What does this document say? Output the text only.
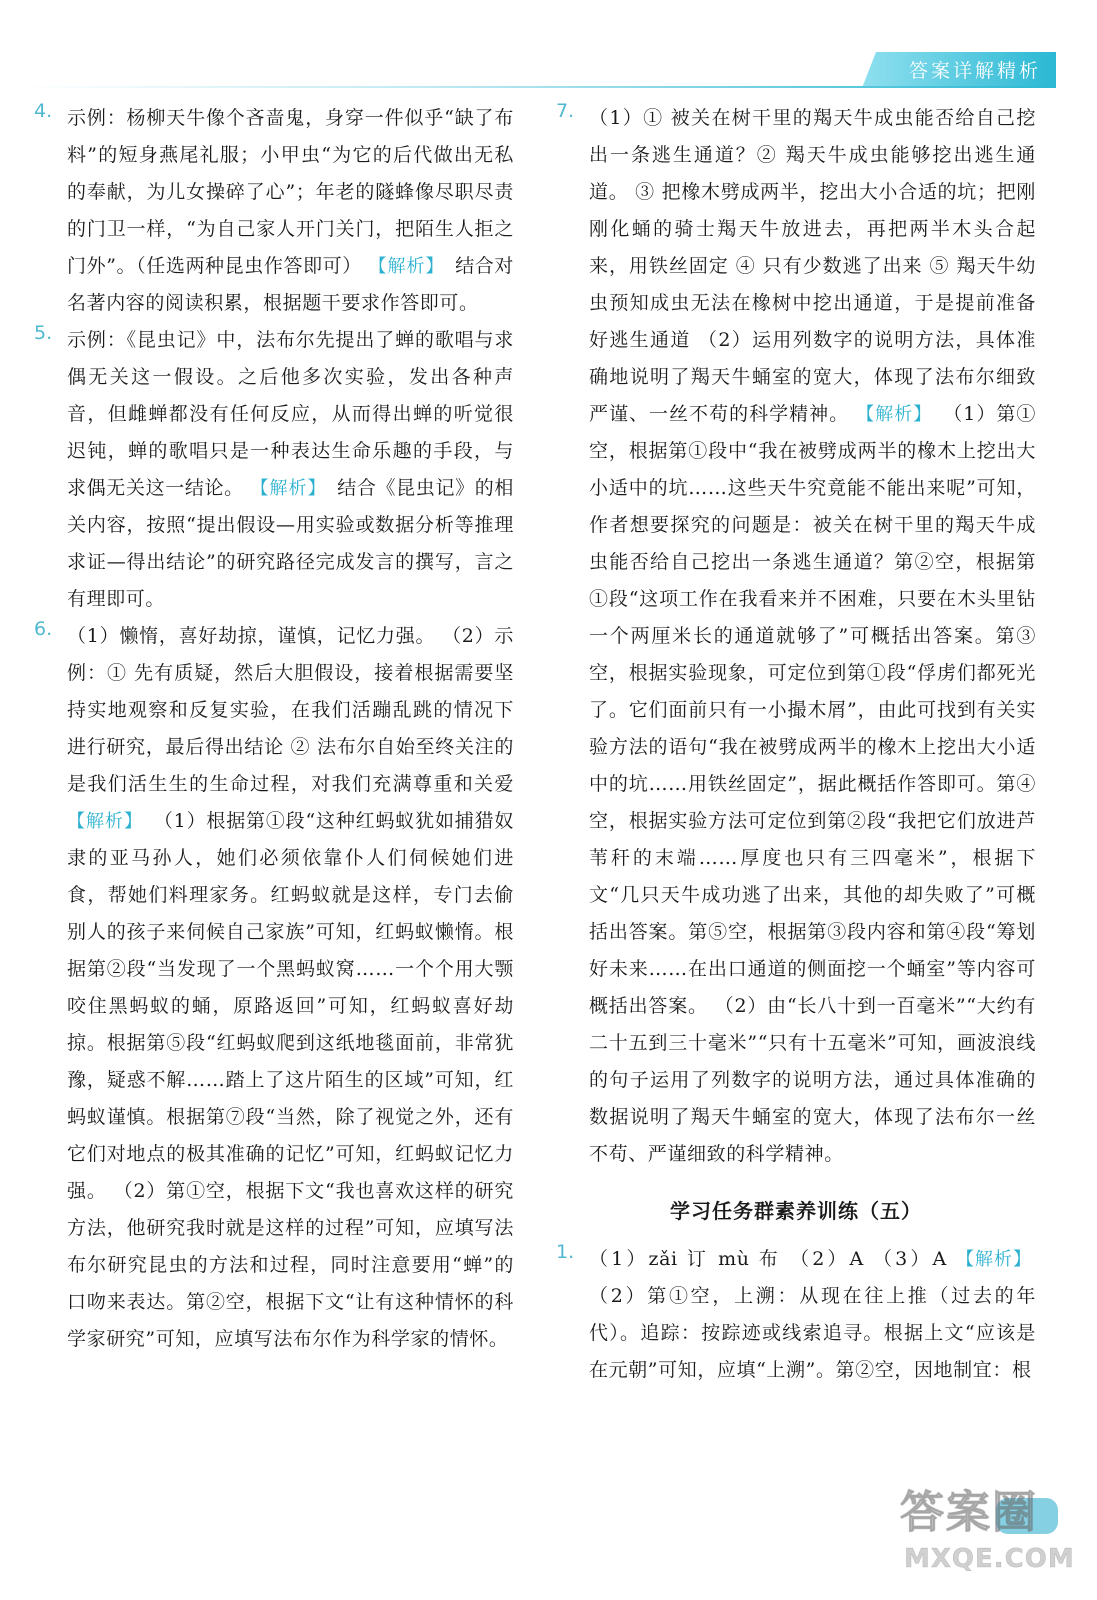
答案详解精析
4. 示例：杨柳天牛像个吝啬鬼，身穿一件似乎“缺了布料”的短身燕尾礼服；小甲虫“为它的后代做出无私的奉献，为儿女操碎了心”；年老的隧蜂像尽职尽责的门卫一样，“为自己家人开门关门，把陌生人拒之门外”。（任选两种昆虫作答即可） 【解析】 结合对名著内容的阅读积累，根据题干要求作答即可。

5. 示例：《昆虫记》中，法布尔先提出了蝉的歌唱与求偶无关这一假设。之后他多次实验，发出各种声音，但雌蝉都没有任何反应，从而得出蝉的听觉很迟钝，蝉的歌唱只是一种表达生命乐趣的手段，与求偶无关这一结论。 【解析】 结合《昆虫记》的相关内容，按照“提出假设—用实验或数据分析等推理求证—得出结论”的研究路径完成发言的撰写，言之有理即可。

6. （1）懒惰，喜好劫掠，谨慎，记忆力强。 （2）示例：① 先有质疑，然后大胆假设，接着根据需要坚持实地观察和反复实验，在我们活蹦乱跳的情况下进行研究，最后得出结论 ② 法布尔自始至终关注的是我们活生生的生命过程，对我们充满尊重和关爱 【解析】 （1）根据第①段“这种红蚂蚁犹如捕猎奴隶的亚马孙人，她们必须依靠仆人们伺候她们进食，帮她们料理家务。红蚂蚁就是这样，专门去偷别人的孩子来伺候自己家族”可知，红蚂蚁懒惰。根据第②段“当发现了一个黑蚂蚁窝……一个个用大颚咬住黑蚂蚁的蛹，原路返回”可知，红蚂蚁喜好劫掠。根据第⑤段“红蚂蚁爬到这纸地毯面前，非常犹豫，疑惑不解……踏上了这片陌生的区域”可知，红蚂蚁谨慎。根据第⑦段“当然，除了视觉之外，还有它们对地点的极其准确的记忆”可知，红蚂蚁记忆力强。 （2）第①空，根据下文“我也喜欢这样的研究方法，他研究我时就是这样的过程”可知，应填写法布尔研究昆虫的方法和过程，同时注意要用“蝉”的口吻来表达。第②空，根据下文“让有这种情怀的科学家研究”可知，应填写法布尔作为科学家的情怀。

7. （1）① 被关在树干里的羯天牛成虫能否给自己挖出一条逃生通道？② 羯天牛成虫能够挖出逃生通道。 ③ 把橡木劈成两半，挖出大小合适的坑；把刚刚化蛹的骑士羯天牛放进去，再把两半木头合起来，用铁丝固定 ④ 只有少数逃了出来 ⑤ 羯天牛幼虫预知成虫无法在橡树中挖出通道，于是提前准备好逃生通道 （2）运用列数字的说明方法，具体准确地说明了羯天牛蛹室的宽大，体现了法布尔细致严谨、一丝不苟的科学精神。 【解析】 （1）第①空，根据第①段中“我在被劈成两半的橡木上挖出大小适中的坑……这些天牛究竟能不能出来呢”可知，作者想要探究的问题是：被关在树干里的羯天牛成虫能否给自己挖出一条逃生通道？第②空，根据第①段“这项工作在我看来并不困难，只要在木头里钻一个两厘米长的通道就够了”可概括出答案。第③空，根据实验现象，可定位到第①段“俘虏们都死光了。它们面前只有一小撮木屑”，由此可找到有关实验方法的语句“我在被劈成两半的橡木上挖出大小适中的坑……用铁丝固定”，据此概括作答即可。第④空，根据实验方法可定位到第②段“我把它们放进芦苇秆的末端……厚度也只有三四毫米”，根据下文“几只天牛成功逃了出来，其他的却失败了”可概括出答案。第⑤空，根据第③段内容和第④段“筹划好未来……在出口通道的侧面挖一个蛹室”等内容可概括出答案。 （2）由“长八十到一百毫米”“大约有二十五到三十毫米”“只有十五毫米”可知，画波浪线的句子运用了列数字的说明方法，通过具体准确的数据说明了羯天牛蛹室的宽大，体现了法布尔一丝不苟、严谨细致的科学精神。

学习任务群素养训练（五）
1. （1）zǎi 订 mù 布 （2）A （3）A 【解析】 （2）第①空，上溯：从现在往上推（过去的年代）。追踪：按踪迹或线索追寻。根据上文“应该是在元朝”可知，应填“上溯”。第②空，因地制宜：根

答案圈
MXQE.COM
